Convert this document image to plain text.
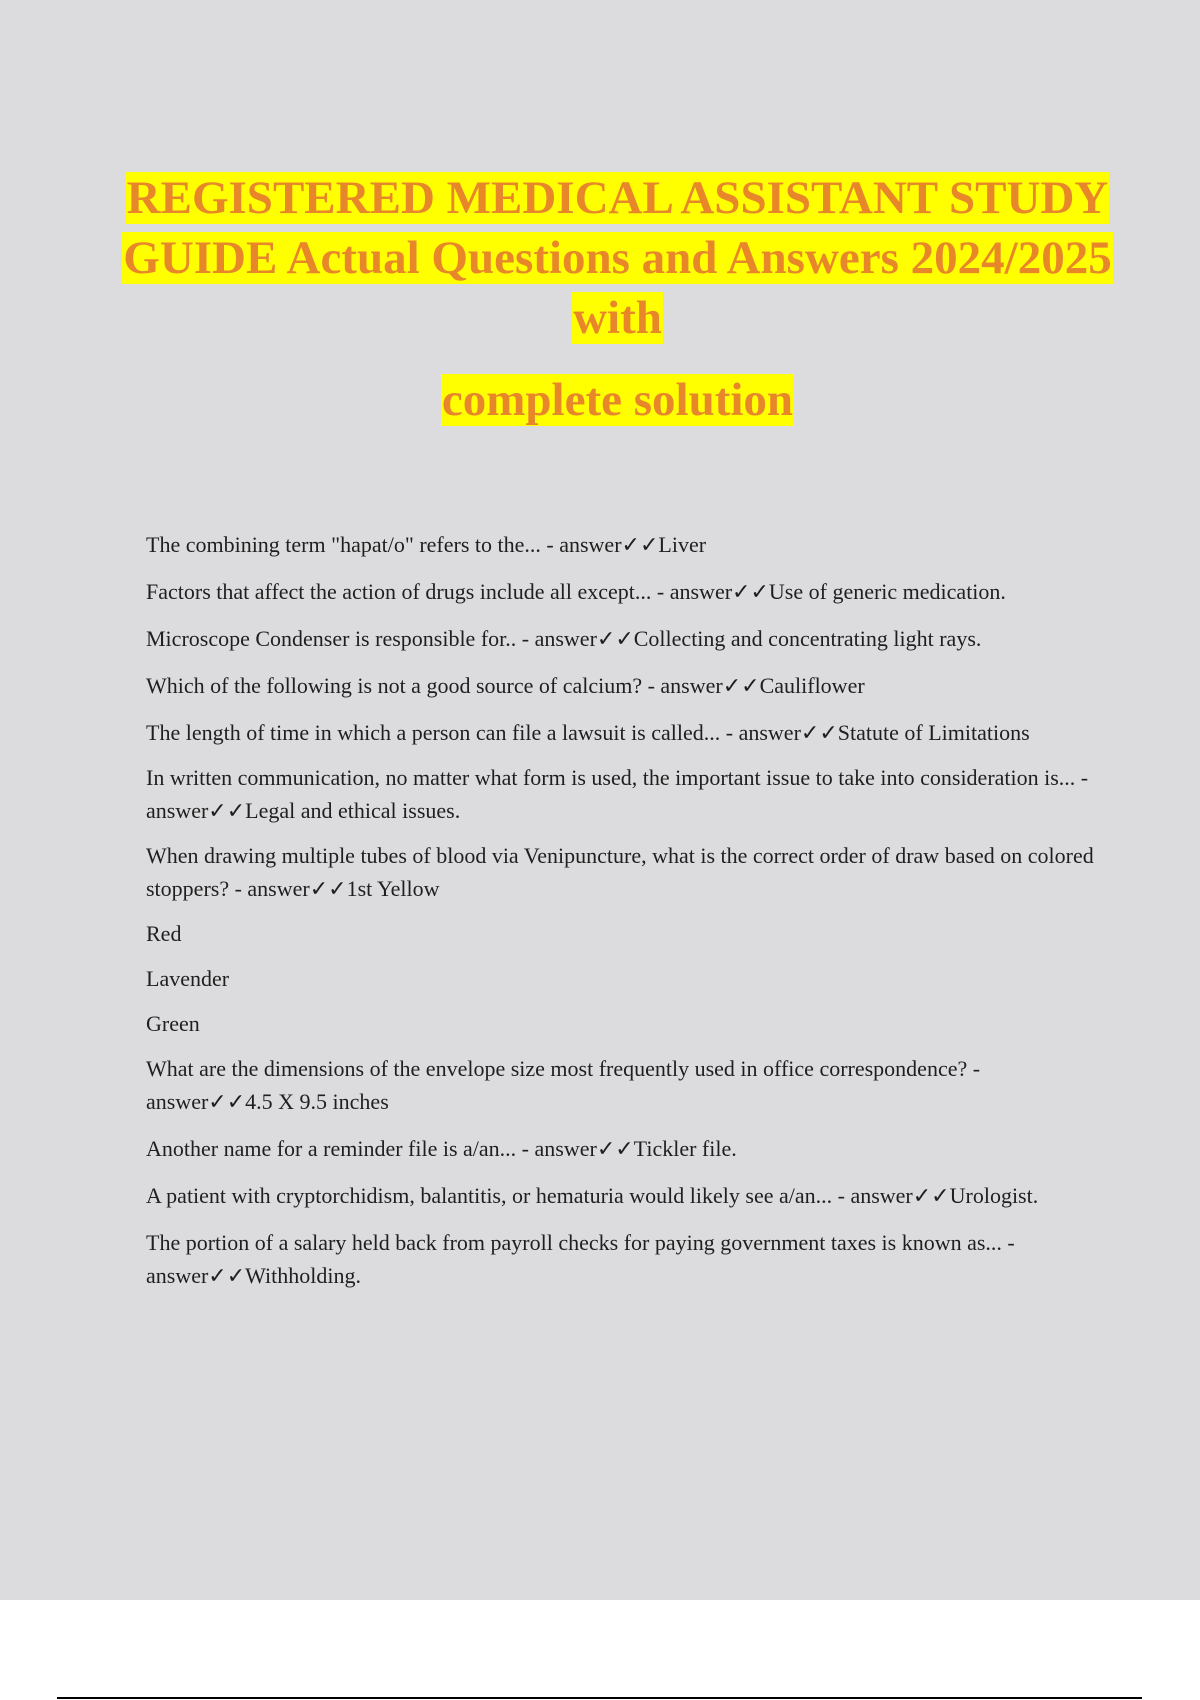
REGISTERED MEDICAL ASSISTANT STUDY GUIDE Actual Questions and Answers 2024/2025 with
complete solution

The combining term "hapat/o" refers to the... - answer✓✓Liver

Factors that affect the action of drugs include all except... - answer✓✓Use of generic medication.

Microscope Condenser is responsible for.. - answer✓✓Collecting and concentrating light rays.

Which of the following is not a good source of calcium? - answer✓✓Cauliflower

The length of time in which a person can file a lawsuit is called... - answer✓✓Statute of Limitations

In written communication, no matter what form is used, the important issue to take into consideration is... - answer✓✓Legal and ethical issues.

When drawing multiple tubes of blood via Venipuncture, what is the correct order of draw based on colored stoppers? - answer✓✓1st Yellow

Red

Lavender

Green

What are the dimensions of the envelope size most frequently used in office correspondence? - answer✓✓4.5 X 9.5 inches

Another name for a reminder file is a/an... - answer✓✓Tickler file.

A patient with cryptorchidism, balantitis, or hematuria would likely see a/an... - answer✓✓Urologist.

The portion of a salary held back from payroll checks for paying government taxes is known as... - answer✓✓Withholding.
